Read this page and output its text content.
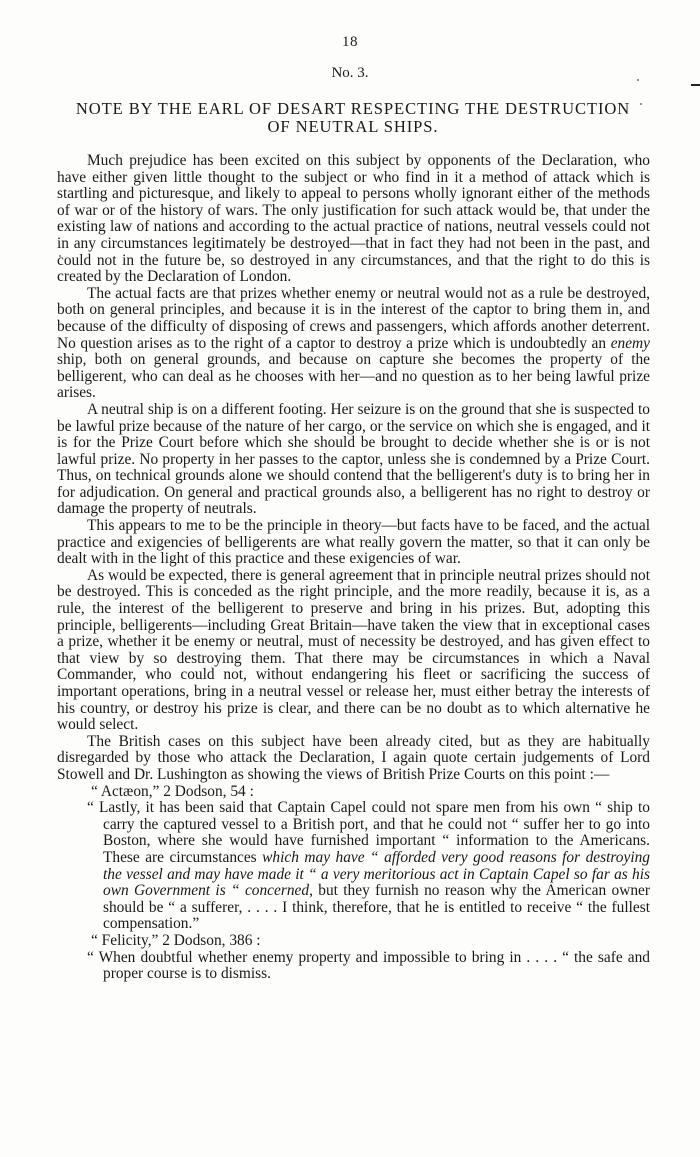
18
No. 3.
NOTE BY THE EARL OF DESART RESPECTING THE DESTRUCTION
OF NEUTRAL SHIPS.

Much prejudice has been excited on this subject by opponents of the Declaration, who have either given little thought to the subject or who find in it a method of attack which is startling and picturesque, and likely to appeal to persons wholly ignorant either of the methods of war or of the history of wars. The only justification for such attack would be, that under the existing law of nations and according to the actual practice of nations, neutral vessels could not in any circumstances legitimately be destroyed—that in fact they had not been in the past, and could not in the future be, so destroyed in any circumstances, and that the right to do this is created by the Declaration of London.

The actual facts are that prizes whether enemy or neutral would not as a rule be destroyed, both on general principles, and because it is in the interest of the captor to bring them in, and because of the difficulty of disposing of crews and passengers, which affords another deterrent. No question arises as to the right of a captor to destroy a prize which is undoubtedly an enemy ship, both on general grounds, and because on capture she becomes the property of the belligerent, who can deal as he chooses with her—and no question as to her being lawful prize arises.

A neutral ship is on a different footing. Her seizure is on the ground that she is suspected to be lawful prize because of the nature of her cargo, or the service on which she is engaged, and it is for the Prize Court before which she should be brought to decide whether she is or is not lawful prize. No property in her passes to the captor, unless she is condemned by a Prize Court. Thus, on technical grounds alone we should contend that the belligerent's duty is to bring her in for adjudication. On general and practical grounds also, a belligerent has no right to destroy or damage the property of neutrals.

This appears to me to be the principle in theory—but facts have to be faced, and the actual practice and exigencies of belligerents are what really govern the matter, so that it can only be dealt with in the light of this practice and these exigencies of war.

As would be expected, there is general agreement that in principle neutral prizes should not be destroyed. This is conceded as the right principle, and the more readily, because it is, as a rule, the interest of the belligerent to preserve and bring in his prizes. But, adopting this principle, belligerents—including Great Britain—have taken the view that in exceptional cases a prize, whether it be enemy or neutral, must of necessity be destroyed, and has given effect to that view by so destroying them. That there may be circumstances in which a Naval Commander, who could not, without endangering his fleet or sacrificing the success of important operations, bring in a neutral vessel or release her, must either betray the interests of his country, or destroy his prize is clear, and there can be no doubt as to which alternative he would select.

The British cases on this subject have been already cited, but as they are habitually disregarded by those who attack the Declaration, I again quote certain judgements of Lord Stowell and Dr. Lushington as showing the views of British Prize Courts on this point :—

“ Actæon,” 2 Dodson, 54 :
“ Lastly, it has been said that Captain Capel could not spare men from his own “ ship to carry the captured vessel to a British port, and that he could not “ suffer her to go into Boston, where she would have furnished important “ information to the Americans. These are circumstances which may have “ afforded very good reasons for destroying the vessel and may have made it “ a very meritorious act in Captain Capel so far as his own Government is “ concerned, but they furnish no reason why the American owner should be “ a sufferer, . . . . I think, therefore, that he is entitled to receive “ the fullest compensation.”
“ Felicity,” 2 Dodson, 386 :
“ When doubtful whether enemy property and impossible to bring in . . . . “ the safe and proper course is to dismiss.
